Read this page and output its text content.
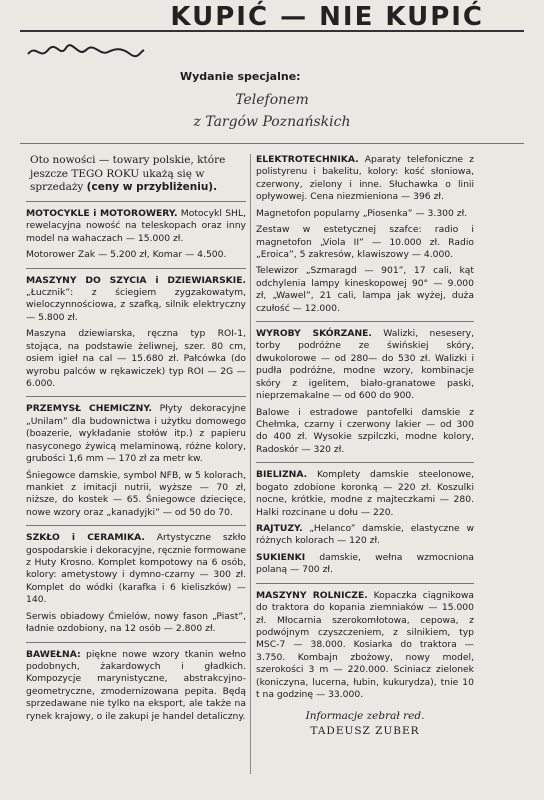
KUPIĆ — NIE KUPIĆ
Wydanie specjalne:
Telefonem
z Targów Poznańskich
Oto nowości — towary polskie, które jeszcze TEGO ROKU ukażą się w sprzedaży (ceny w przybliżeniu).

MOTOCYKLE i MOTOROWERY. Motocykl SHL, rewelacyjna nowość na teleskopach oraz inny model na wahaczach — 15.000 zł.

Motorower Zak — 5.200 zł, Komar — 4.500.

MASZYNY DO SZYCIA i DZIEWIARSKIE. „Łucznik”: z ściegiem zygzakowatym, wieloczynnościowa, z szafką, silnik elektryczny — 5.800 zł.

Maszyna dziewiarska, ręczna typ ROI-1, stojąca, na podstawie żeliwnej, szer. 80 cm, osiem igieł na cal — 15.680 zł. Pałcówka (do wyrobu palców w rękawiczek) typ ROI — 2G — 6.000.

PRZEMYSŁ CHEMICZNY. Płyty dekoracyjne „Unilam” dla budownictwa i użytku domowego (boazerie, wykładanie stołów itp.) z papieru nasyconego żywicą melaminową, różne kolory, grubości 1,6 mm — 170 zł za metr kw.

Śniegowce damskie, symbol NFB, w 5 kolorach, mankiet z imitacji nutrii, wyższe — 70 zł, niższe, do kostek — 65. Śniegowce dziecięce, nowe wzory oraz „kanadyjki” — od 50 do 70.

SZKŁO i CERAMIKA. Artystyczne szkło gospodarskie i dekoracyjne, ręcznie formowane z Huty Krosno. Komplet kompotowy na 6 osób, kolory: ametystowy i dymno-czarny — 300 zł. Komplet do wódki (karafka i 6 kieliszków) — 140.

Serwis obiadowy Ćmielów, nowy fason „Piast”, ładnie ozdobiony, na 12 osób — 2.800 zł.

BAWEŁNA: piękne nowe wzory tkanin wełno podobnych, żakardowych i gładkich. Kompozycje marynistyczne, abstrakcyjno-geometryczne, zmodernizowana pepita. Będą sprzedawane nie tylko na eksport, ale także na rynek krajowy, o ile zakupi je handel detaliczny.

ELEKTROTECHNIKA. Aparaty telefoniczne z polistyrenu i bakelitu, kolory: kość słoniowa, czerwony, zielony i inne. Słuchawka o linii opływowej. Cena niezmieniona — 396 zł.

Magnetofon popularny „Piosenka” — 3.300 zł.

Zestaw w estetycznej szafce: radio i magnetofon „Viola II” — 10.000 zł. Radio „Eroica”, 5 zakresów, klawiszowy — 4.000.

Telewizor „Szmaragd — 901”, 17 cali, kąt odchylenia lampy kineskopowej 90° — 9.000 zł, „Wawel”, 21 cali, lampa jak wyżej, duża czułość — 12.000.

WYROBY SKÓRZANE. Walizki, nesesery, torby podróżne ze świńskiej skóry, dwukolorowe — od 280— do 530 zł. Walizki i pudła podróżne, modne wzory, kombinacje skóry z igelitem, biało-granatowe paski, nieprzemakalne — od 600 do 900.

Balowe i estradowe pantofelki damskie z Chełmka, czarny i czerwony lakier — od 300 do 400 zł. Wysokie szpilczki, modne kolory, Radoskór — 320 zł.

BIELIZNA. Komplety damskie steelonowe, bogato zdobione koronką — 220 zł. Koszulki nocne, krótkie, modne z majteczkami — 280. Halki rozcinane u dołu — 220.

RAJTUZY. „Helanco” damskie, elastyczne w różnych kolorach — 120 zł.

SUKIENKI damskie, wełna wzmocniona polaną — 700 zł.

MASZYNY ROLNICZE. Kopaczka ciągnikowa do traktora do kopania ziemniaków — 15.000 zł. Młocarnia szerokomłotowa, cepowa, z podwójnym czyszczeniem, z silnikiem, typ MSC-7 — 38.000. Kosiarka do traktora — 3.750. Kombajn zbożowy, nowy model, szerokości 3 m — 220.000. Sciniacz zielonek (koniczyna, lucerna, łubin, kukurydza), tnie 10 t na godzinę — 33.000.

Informacje zebrał red.
TADEUSZ ZUBER
